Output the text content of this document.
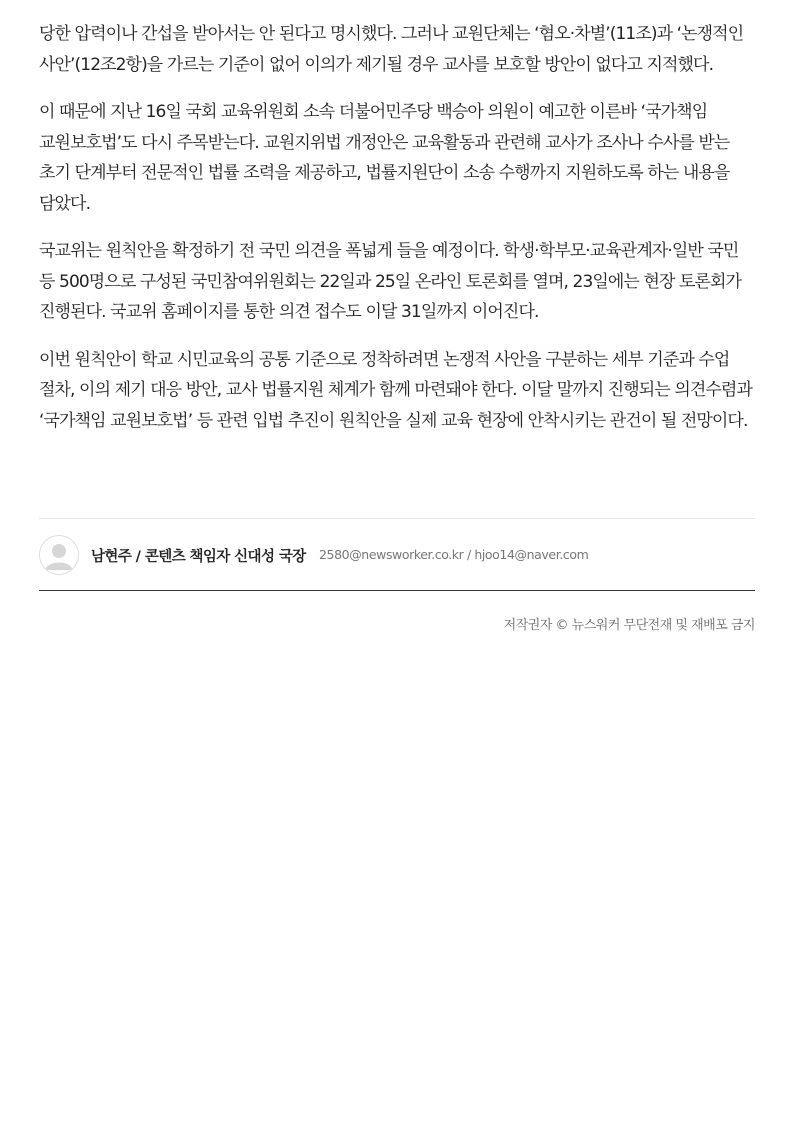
당한 압력이나 간섭을 받아서는 안 된다고 명시했다. 그러나 교원단체는 ‘혐오·차별’(11조)과 ‘논쟁적인 사안’(12조2항)을 가르는 기준이 없어 이의가 제기될 경우 교사를 보호할 방안이 없다고 지적했다.

이 때문에 지난 16일 국회 교육위원회 소속 더불어민주당 백승아 의원이 예고한 이른바 ‘국가책임 교원보호법’도 다시 주목받는다. 교원지위법 개정안은 교육활동과 관련해 교사가 조사나 수사를 받는 초기 단계부터 전문적인 법률 조력을 제공하고, 법률지원단이 소송 수행까지 지원하도록 하는 내용을 담았다.

국교위는 원칙안을 확정하기 전 국민 의견을 폭넓게 들을 예정이다. 학생·학부모·교육관계자·일반 국민 등 500명으로 구성된 국민참여위원회는 22일과 25일 온라인 토론회를 열며, 23일에는 현장 토론회가 진행된다. 국교위 홈페이지를 통한 의견 접수도 이달 31일까지 이어진다.

이번 원칙안이 학교 시민교육의 공통 기준으로 정착하려면 논쟁적 사안을 구분하는 세부 기준과 수업 절차, 이의 제기 대응 방안, 교사 법률지원 체계가 함께 마련돼야 한다. 이달 말까지 진행되는 의견수렴과 ‘국가책임 교원보호법’ 등 관련 입법 추진이 원칙안을 실제 교육 현장에 안착시키는 관건이 될 전망이다.

남현주 / 콘텐츠 책임자 신대성 국장 2580@newsworker.co.kr / hjoo14@naver.com
저작권자 © 뉴스워커 무단전재 및 재배포 금지
